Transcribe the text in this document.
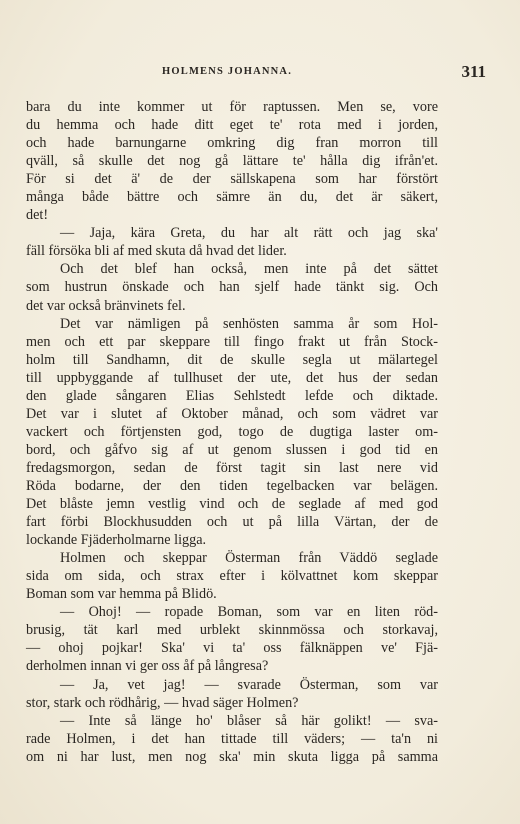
HOLMENS JOHANNA.	311
bara du inte kommer ut för raptussen. Men se, vore
du hemma och hade ditt eget te' rota med i jorden,
och hade barnungarne omkring dig fran morron till
qväll, så skulle det nog gå lättare te' hålla dig ifrån'et.
För si det ä' de der sällskapena som har förstört
många både bättre och sämre än du, det är säkert,
det!
— Jaja, kära Greta, du har alt rätt och jag ska'
fäll försöka bli af med skuta då hvad det lider.
Och det blef han också, men inte på det sättet
som hustrun önskade och han sjelf hade tänkt sig. Och
det var också bränvinets fel.
Det var nämligen på senhösten samma år som Hol-
men och ett par skeppare till fingo frakt ut från Stock-
holm till Sandhamn, dit de skulle segla ut mälartegel
till uppbyggande af tullhuset der ute, det hus der sedan
den glade sångaren Elias Sehlstedt lefde och diktade.
Det var i slutet af Oktober månad, och som vädret var
vackert och förtjensten god, togo de dugtiga laster om-
bord, och gåfvo sig af ut genom slussen i god tid en
fredagsmorgon, sedan de först tagit sin last nere vid
Röda bodarne, der den tiden tegelbacken var belägen.
Det blåste jemn vestlig vind och de seglade af med god
fart förbi Blockhusudden och ut på lilla Värtan, der de
lockande Fjäderholmarne ligga.
Holmen och skeppar Österman från Väddö seglade
sida om sida, och strax efter i kölvattnet kom skeppar
Boman som var hemma på Blidö.
— Ohoj! — ropade Boman, som var en liten röd-
brusig, tät karl med urblekt skinnmössa och storkavaj,
— ohoj pojkar! Ska' vi ta' oss fälknäppen ve' Fjä-
derholmen innan vi ger oss åf på långresa?
— Ja, vet jag! — svarade Österman, som var
stor, stark och rödhårig, — hvad säger Holmen?
— Inte så länge ho' blåser så här golikt! — sva-
rade Holmen, i det han tittade till väders; — ta'n ni
om ni har lust, men nog ska' min skuta ligga på samma
